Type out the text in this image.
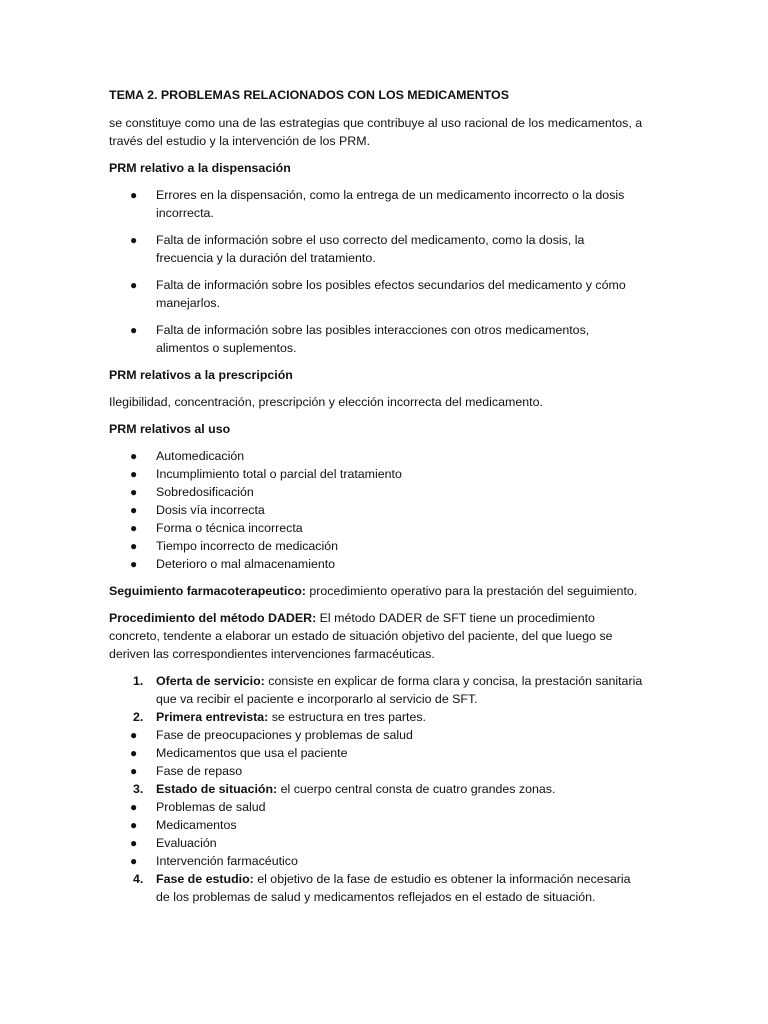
TEMA 2. PROBLEMAS RELACIONADOS CON LOS MEDICAMENTOS

se constituye como una de las estrategias que contribuye al uso racional de los medicamentos, a través del estudio y la intervención de los PRM.

PRM relativo a la dispensación

● Errores en la dispensación, como la entrega de un medicamento incorrecto o la dosis incorrecta.
● Falta de información sobre el uso correcto del medicamento, como la dosis, la frecuencia y la duración del tratamiento.
● Falta de información sobre los posibles efectos secundarios del medicamento y cómo manejarlos.
● Falta de información sobre las posibles interacciones con otros medicamentos, alimentos o suplementos.

PRM relativos a la prescripción

Ilegibilidad, concentración, prescripción y elección incorrecta del medicamento.

PRM relativos al uso

● Automedicación
● Incumplimiento total o parcial del tratamiento
● Sobredosificación
● Dosis vía incorrecta
● Forma o técnica incorrecta
● Tiempo incorrecto de medicación
● Deterioro o mal almacenamiento

Seguimiento farmacoterapeutico: procedimiento operativo para la prestación del seguimiento.

Procedimiento del método DADER: El método DADER de SFT tiene un procedimiento concreto, tendente a elaborar un estado de situación objetivo del paciente, del que luego se deriven las correspondientes intervenciones farmacéuticas.

1. Oferta de servicio: consiste en explicar de forma clara y concisa, la prestación sanitaria que va recibir el paciente e incorporarlo al servicio de SFT.
2. Primera entrevista: se estructura en tres partes.
● Fase de preocupaciones y problemas de salud
● Medicamentos que usa el paciente
● Fase de repaso
3. Estado de situación: el cuerpo central consta de cuatro grandes zonas.
● Problemas de salud
● Medicamentos
● Evaluación
● Intervención farmacéutico
4. Fase de estudio: el objetivo de la fase de estudio es obtener la información necesaria de los problemas de salud y medicamentos reflejados en el estado de situación.
